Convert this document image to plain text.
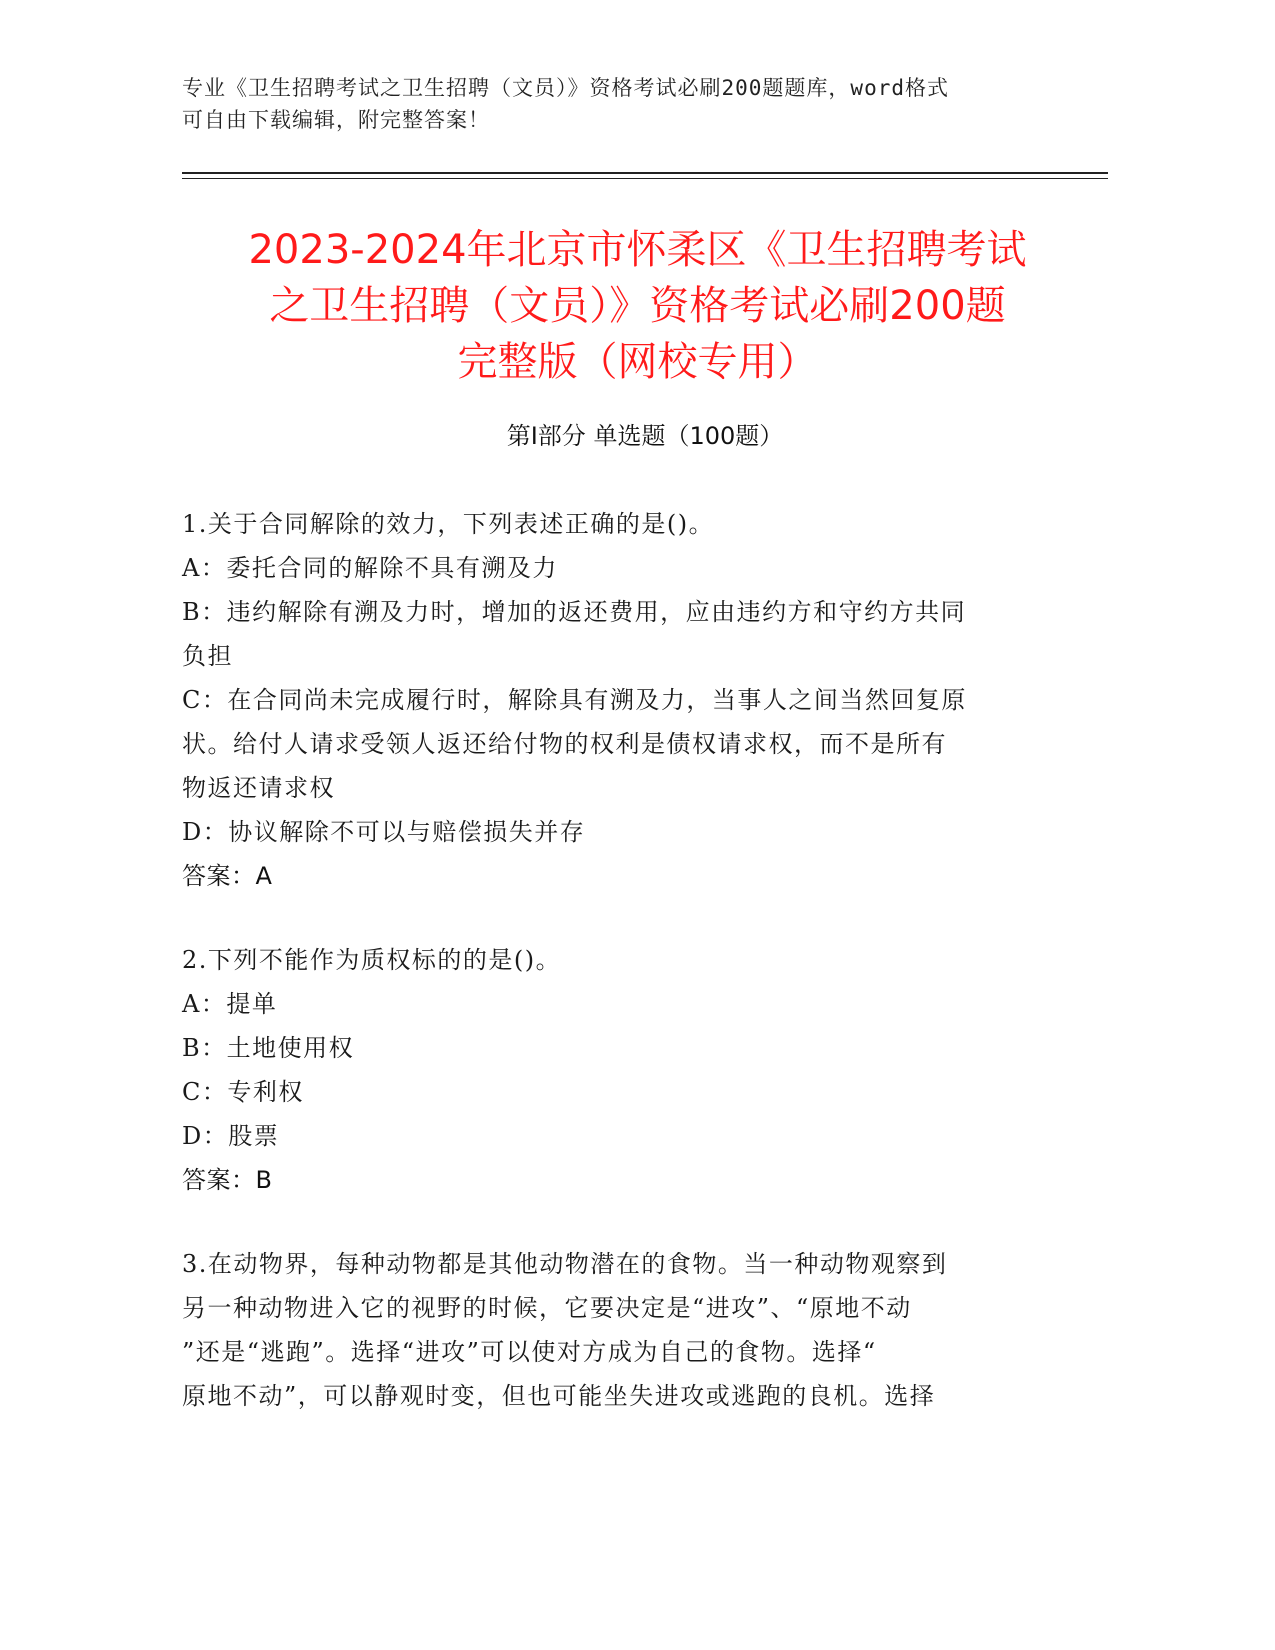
专业《卫生招聘考试之卫生招聘（文员）》资格考试必刷200题题库，word格式
可自由下载编辑，附完整答案！
2023-2024年北京市怀柔区《卫生招聘考试
之卫生招聘（文员）》资格考试必刷200题
完整版（网校专用）
第Ⅰ部分 单选题（100题）
1.关于合同解除的效力，下列表述正确的是()。
A：委托合同的解除不具有溯及力
B：违约解除有溯及力时，增加的返还费用，应由违约方和守约方共同
负担
C：在合同尚未完成履行时，解除具有溯及力，当事人之间当然回复原
状。给付人请求受领人返还给付物的权利是债权请求权，而不是所有
物返还请求权
D：协议解除不可以与赔偿损失并存
答案：A
2.下列不能作为质权标的的是()。
A：提单
B：土地使用权
C：专利权
D：股票
答案：B
3.在动物界，每种动物都是其他动物潜在的食物。当一种动物观察到
另一种动物进入它的视野的时候，它要决定是“进攻”、“原地不动
”还是“逃跑”。选择“进攻”可以使对方成为自己的食物。选择“
原地不动”，可以静观时变，但也可能坐失进攻或逃跑的良机。选择
